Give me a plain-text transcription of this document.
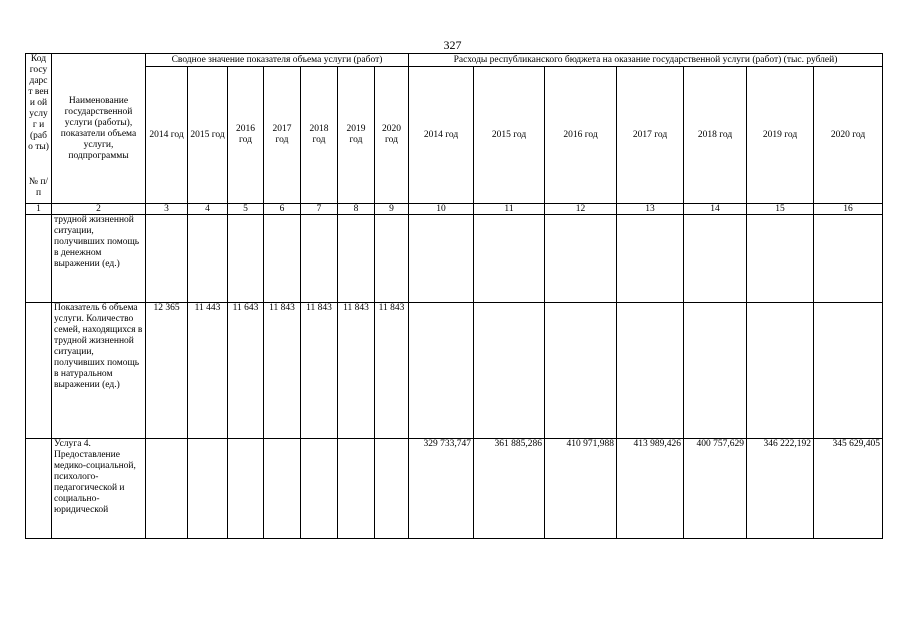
327
Код госу дарст вени ой услуг и (рабо ты)
№ п/п	Наименование государственной услуги (работы), показатели объема услуги, подпрограммы	Сводное значение показателя объема услуги (работ)							Расходы республиканского бюджета на оказание государственной услуги (работ) (тыс. рублей)						
		2014 год	2015 год	2016 год	2017 год	2018 год	2019 год	2020 год	2014 год	2015 год	2016 год	2017 год	2018 год	2019 год	2020 год
1	2	3	4	5	6	7	8	9	10	11	12	13	14	15	16
	трудной жизненной ситуации, получивших помощь в денежном выражении (ед.)														
	Показатель 6 объема услуги. Количество семей, находящихся в трудной жизненной ситуации, получивших помощь в натуральном выражении (ед.)	12 365	11 443	11 643	11 843	11 843	11 843	11 843							
	Услуга 4. Предоставление медико-социальной, психолого-педагогической и социально-юридической								329 733,747	361 885,286	410 971,988	413 989,426	400 757,629	346 222,192	345 629,405
